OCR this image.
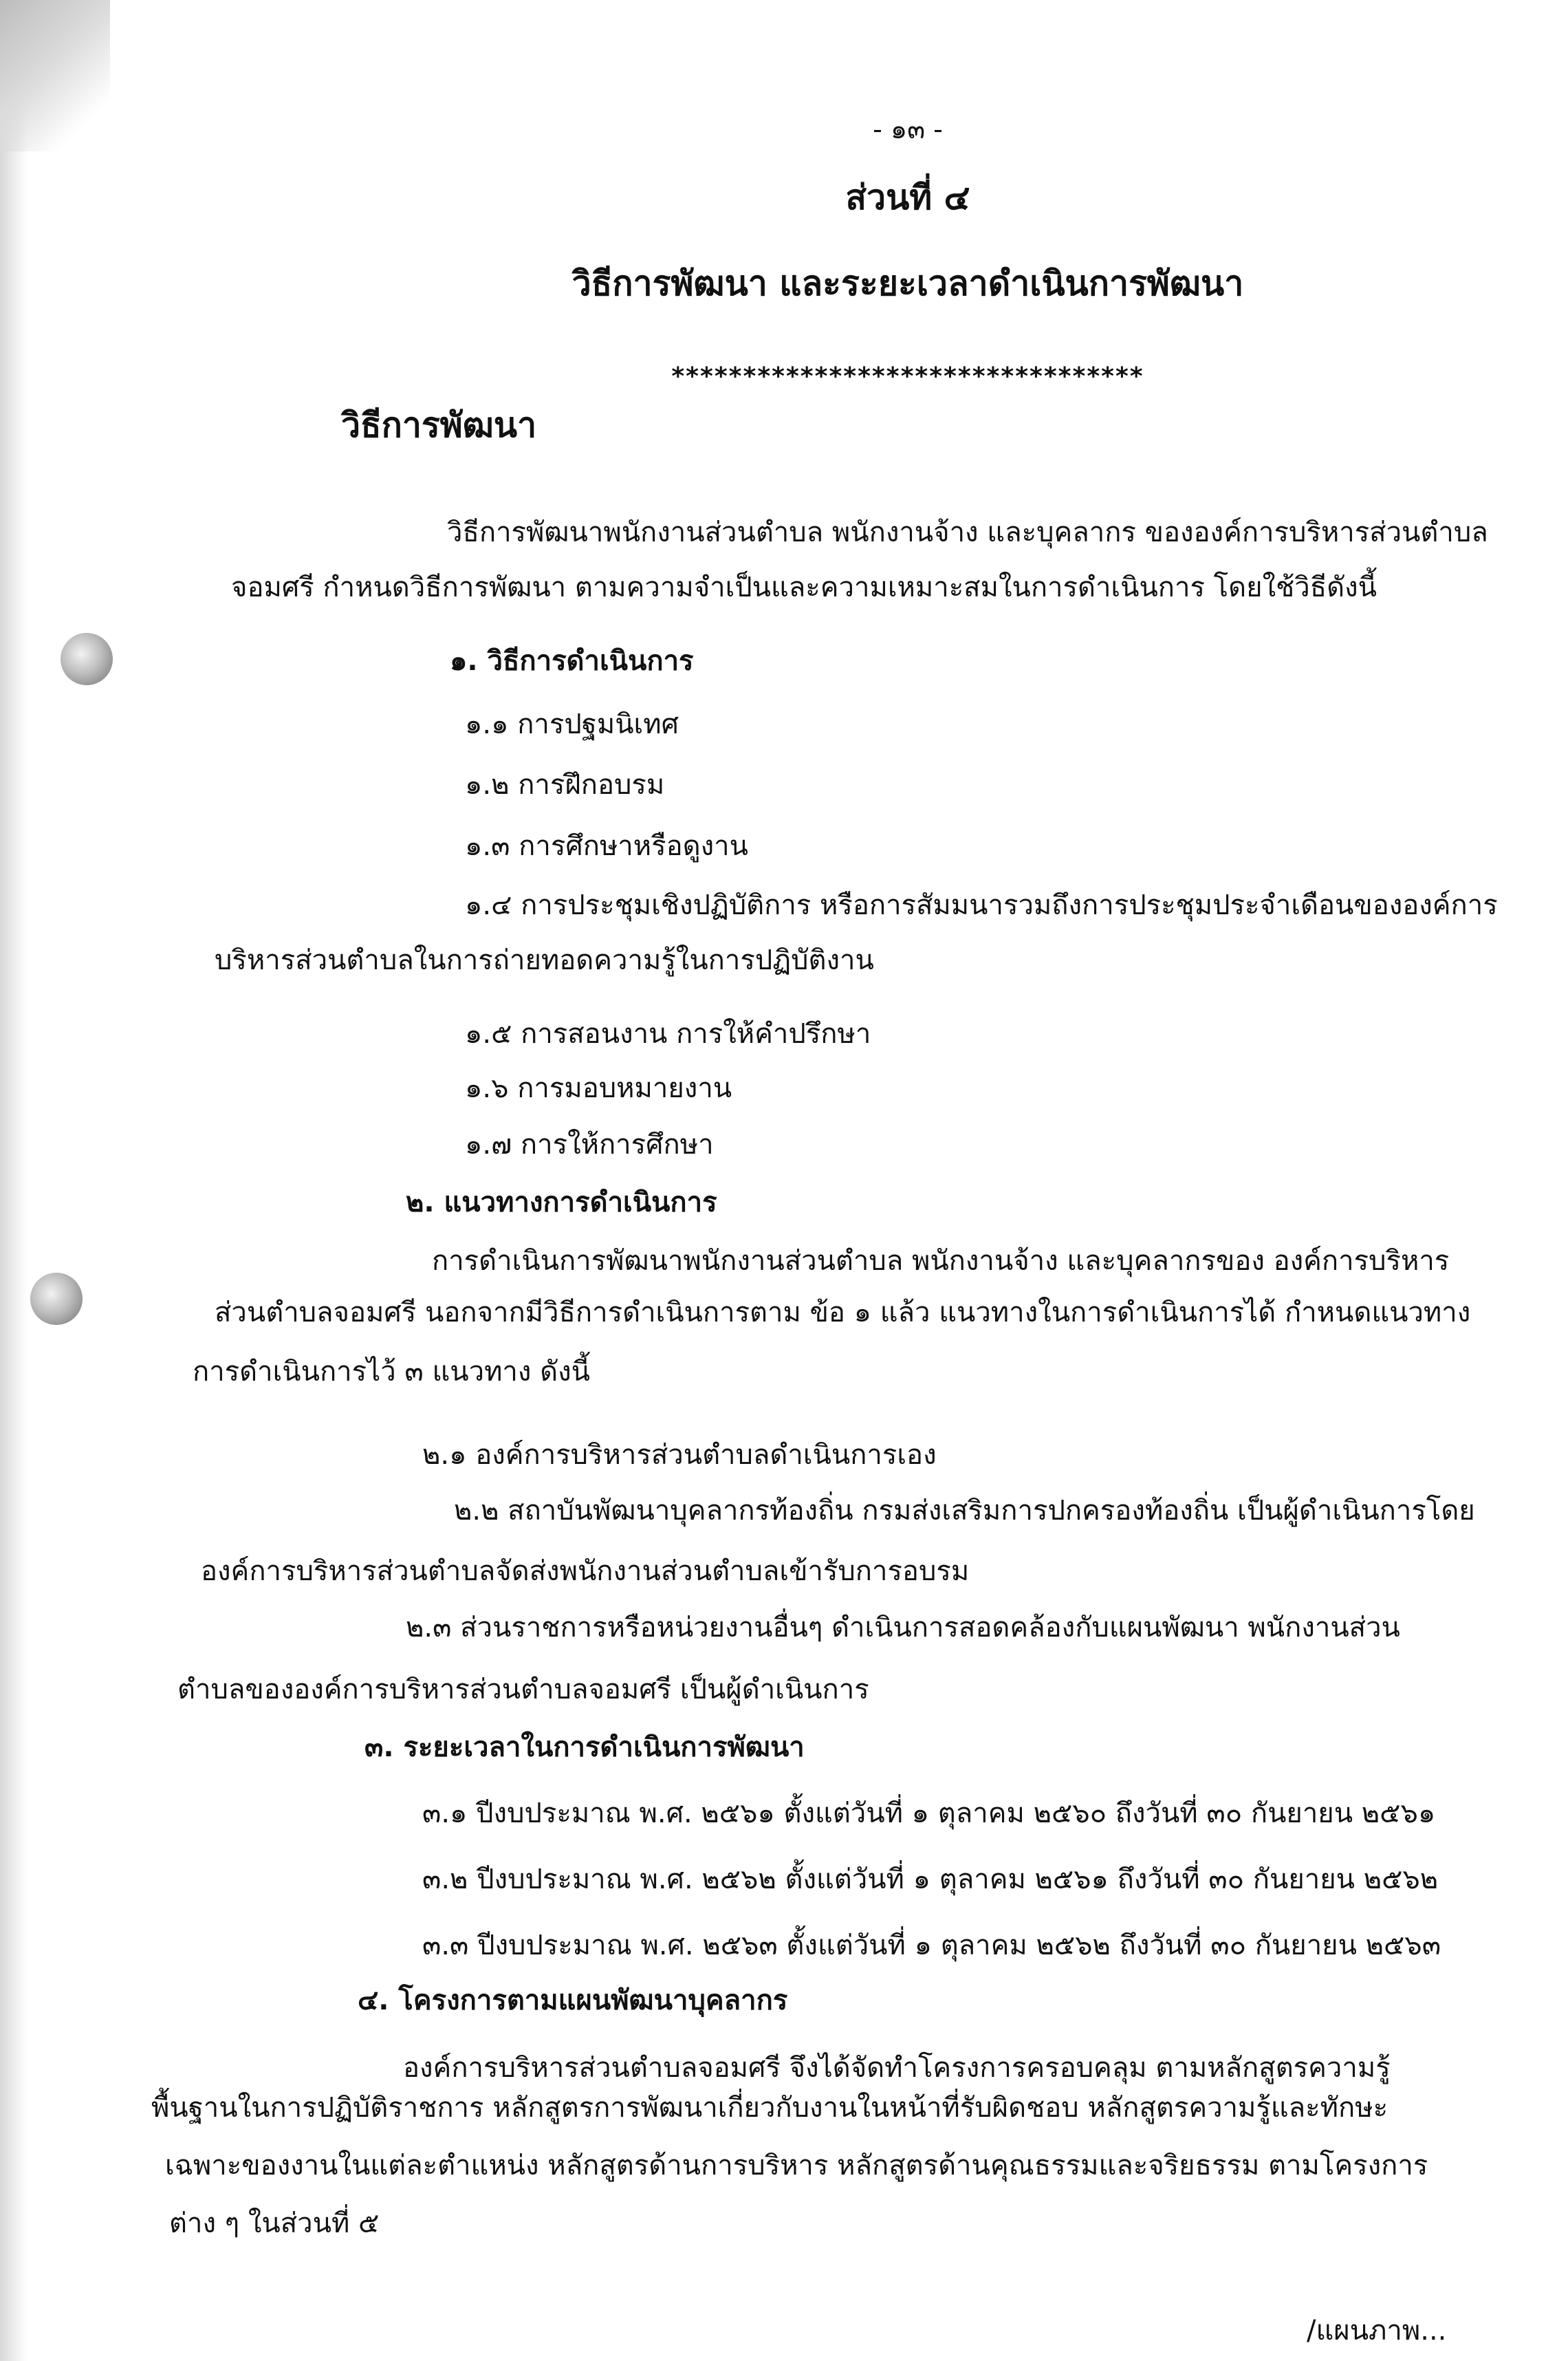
- ๑๓ -
ส่วนที่ ๔
วิธีการพัฒนา และระยะเวลาดำเนินการพัฒนา
*********************************
วิธีการพัฒนา
วิธีการพัฒนาพนักงานส่วนตำบล พนักงานจ้าง และบุคลากร ขององค์การบริหารส่วนตำบล
จอมศรี กำหนดวิธีการพัฒนา ตามความจำเป็นและความเหมาะสมในการดำเนินการ โดยใช้วิธีดังนี้
๑. วิธีการดำเนินการ
๑.๑ การปฐมนิเทศ
๑.๒ การฝึกอบรม
๑.๓ การศึกษาหรือดูงาน
๑.๔ การประชุมเชิงปฏิบัติการ หรือการสัมมนารวมถึงการประชุมประจำเดือนขององค์การ
บริหารส่วนตำบลในการถ่ายทอดความรู้ในการปฏิบัติงาน
๑.๕ การสอนงาน การให้คำปรึกษา
๑.๖ การมอบหมายงาน
๑.๗ การให้การศึกษา
๒. แนวทางการดำเนินการ
การดำเนินการพัฒนาพนักงานส่วนตำบล พนักงานจ้าง และบุคลากรของ องค์การบริหาร
ส่วนตำบลจอมศรี นอกจากมีวิธีการดำเนินการตาม ข้อ ๑ แล้ว แนวทางในการดำเนินการได้ กำหนดแนวทาง
การดำเนินการไว้ ๓ แนวทาง ดังนี้
๒.๑ องค์การบริหารส่วนตำบลดำเนินการเอง
๒.๒ สถาบันพัฒนาบุคลากรท้องถิ่น กรมส่งเสริมการปกครองท้องถิ่น เป็นผู้ดำเนินการโดย
องค์การบริหารส่วนตำบลจัดส่งพนักงานส่วนตำบลเข้ารับการอบรม
๒.๓ ส่วนราชการหรือหน่วยงานอื่นๆ ดำเนินการสอดคล้องกับแผนพัฒนา พนักงานส่วน
ตำบลขององค์การบริหารส่วนตำบลจอมศรี เป็นผู้ดำเนินการ
๓. ระยะเวลาในการดำเนินการพัฒนา
๓.๑ ปีงบประมาณ พ.ศ. ๒๕๖๑ ตั้งแต่วันที่ ๑ ตุลาคม ๒๕๖๐ ถึงวันที่ ๓๐ กันยายน ๒๕๖๑
๓.๒ ปีงบประมาณ พ.ศ. ๒๕๖๒ ตั้งแต่วันที่ ๑ ตุลาคม ๒๕๖๑ ถึงวันที่ ๓๐ กันยายน ๒๕๖๒
๓.๓ ปีงบประมาณ พ.ศ. ๒๕๖๓ ตั้งแต่วันที่ ๑ ตุลาคม ๒๕๖๒ ถึงวันที่ ๓๐ กันยายน ๒๕๖๓
๔. โครงการตามแผนพัฒนาบุคลากร
องค์การบริหารส่วนตำบลจอมศรี จึงได้จัดทำโครงการครอบคลุม ตามหลักสูตรความรู้
พื้นฐานในการปฏิบัติราชการ หลักสูตรการพัฒนาเกี่ยวกับงานในหน้าที่รับผิดชอบ หลักสูตรความรู้และทักษะ
เฉพาะของงานในแต่ละตำแหน่ง หลักสูตรด้านการบริหาร หลักสูตรด้านคุณธรรมและจริยธรรม ตามโครงการ
ต่าง ๆ ในส่วนที่ ๕
/แผนภาพ...
